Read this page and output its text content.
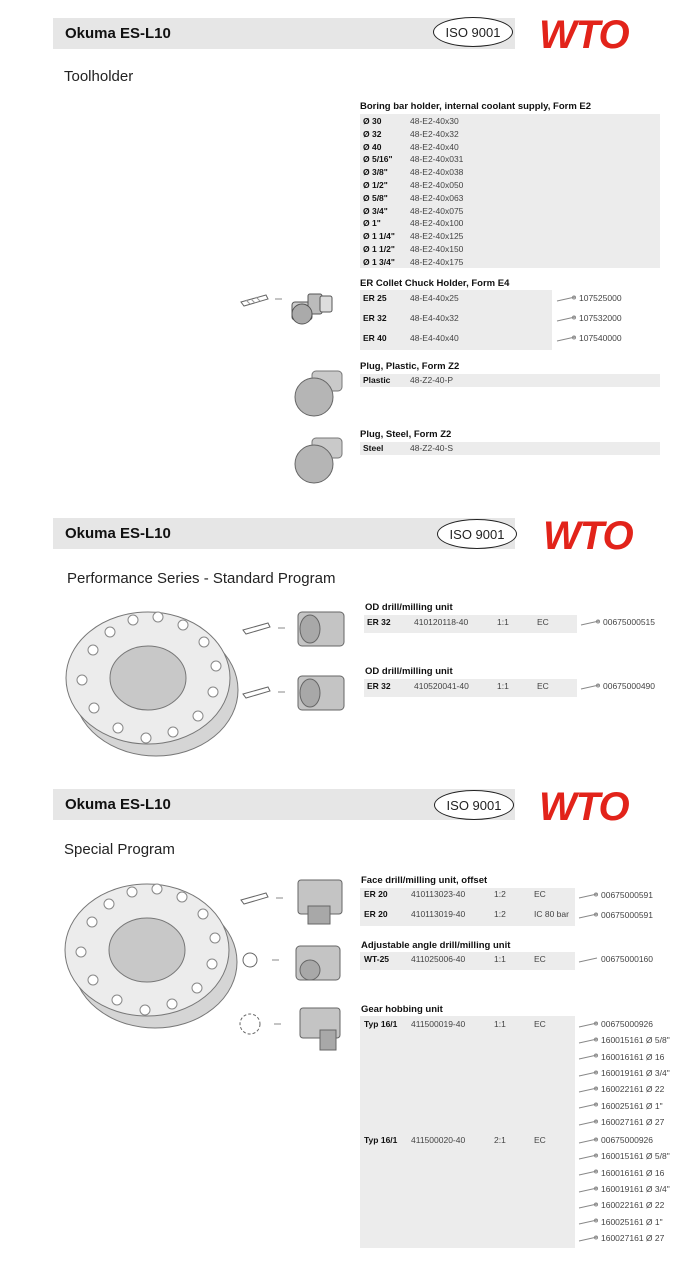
Okuma ES-L10	ISO 9001 WTO
Toolholder
Boring bar holder, internal coolant supply, Form E2
ER Collet Chuck Holder, Form E4
Plug, Plastic, Form Z2
Plastic 48-Z2-40-P
Plug, Steel, Form Z2
Steel	48-Z2-40-S
Okuma ES-L10	ISO 9001 WTO
Performance Series - Standard Program
Okuma ES-L10	ISO 9001 WTO
Special Program
Face drill/milling unit, offset
Adjustable angle drill/milling unit
WT-25	411025006-40	1:1	EC	00675000160
Gear hobbing unit
Ø 30	48-E2-40x30
Ø 32	48-E2-40x32
Ø 40	48-E2-40x40
Ø 5/16" 48-E2-40x031
Ø 3/8"	48-E2-40x038
Ø 1/2"	48-E2-40x050
Ø 5/8"	48-E2-40x063
Ø 3/4"	48-E2-40x075
Ø 1"	48-E2-40x100
Ø 1 1/4" 48-E2-40x125
Ø 1 1/2" 48-E2-40x150
Ø 1 3/4" 48-E2-40x175
ER 25	48-E4-40x25	107525000
ER 32	48-E4-40x32	107532000
ER 40	48-E4-40x40	107540000
OD drill/milling unit
ER 32	410120118-40	1:1	EC	00675000515
OD drill/milling unit
ER 32	410520041-40	1:1	EC	00675000490
ER 20	410113023-40	1:2	EC	00675000591
ER 20	410113019-40	1:2	IC 80 bar	00675000591
Typ 16/1 411500019-40	1:1	EC	00675000926
160015161 Ø 5/8"
160016161 Ø 16
160019161 Ø 3/4"
160022161 Ø 22
160025161 Ø 1"
160027161 Ø 27
Typ 16/1 411500020-40	2:1	EC	00675000926
160015161 Ø 5/8"
160016161 Ø 16
160019161 Ø 3/4"
160022161 Ø 22
160025161 Ø 1"
160027161 Ø 27
